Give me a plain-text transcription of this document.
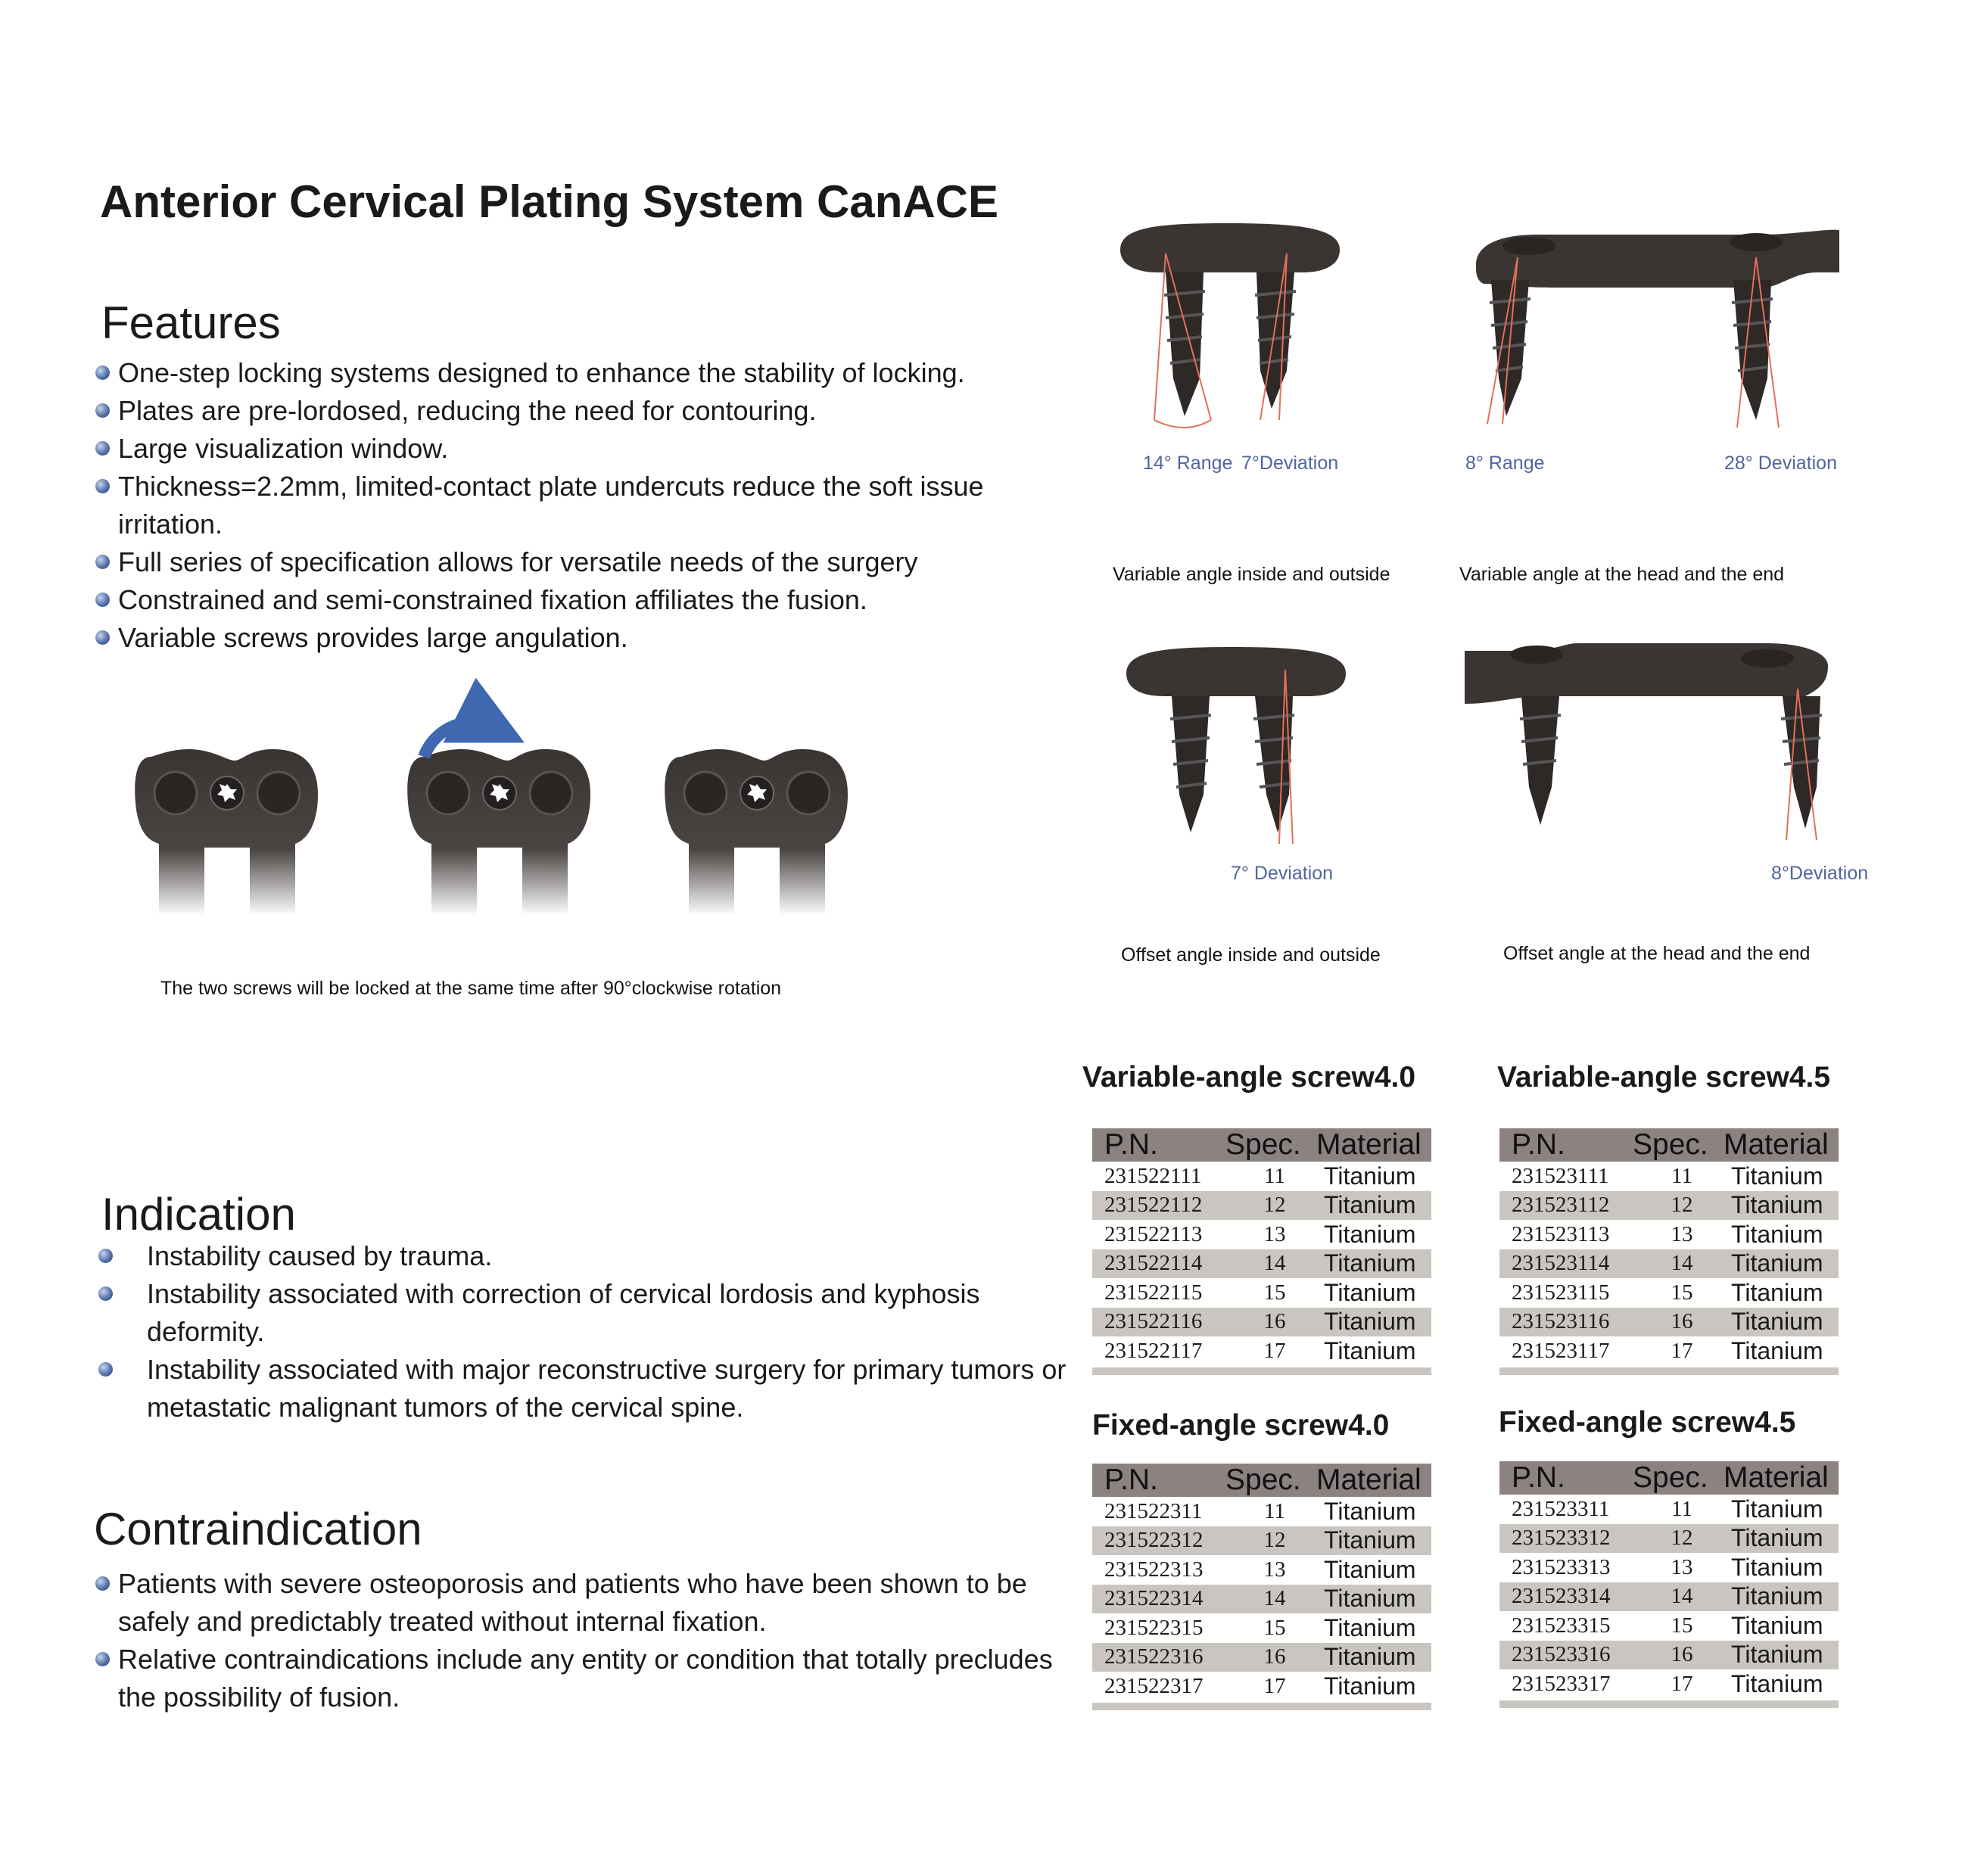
Anterior Cervical Plating System CanACE
Features
One-step locking systems designed to enhance the stability of locking.
Plates are pre-lordosed, reducing the need for contouring.
Large visualization window.
Thickness=2.2mm, limited-contact plate undercuts reduce the soft issue irritation.
Full series of specification allows for versatile needs of the surgery
Constrained and semi-constrained fixation affiliates the fusion.
Variable screws provides large angulation.
The two screws will be locked at the same time after 90°clockwise rotation
14° Range 7°Deviation
Variable angle inside and outside
8° Range	28° Deviation
Variable angle at the head and the end
7° Deviation
Offset angle inside and outside
8°Deviation
Offset angle at the head and the end
Variable-angle screw4.0
P.N.	Spec. Material
231522111	11	Titanium
231522112	12	Titanium
231522113	13	Titanium
231522114	14	Titanium
231522115	15	Titanium
231522116	16	Titanium
231522117	17	Titanium
Variable-angle screw4.5
P.N.	Spec. Material
231523111	11	Titanium
231523112	12	Titanium
231523113	13	Titanium
231523114	14	Titanium
231523115	15	Titanium
231523116	16	Titanium
231523117	17	Titanium
Fixed-angle screw4.0
P.N.	Spec. Material
231522311	11	Titanium
231522312	12	Titanium
231522313	13	Titanium
231522314	14	Titanium
231522315	15	Titanium
231522316	16	Titanium
231522317	17	Titanium
Fixed-angle screw4.5
P.N.	Spec. Material
231523311	11	Titanium
231523312	12	Titanium
231523313	13	Titanium
231523314	14	Titanium
231523315	15	Titanium
231523316	16	Titanium
231523317	17	Titanium
Indication
Instability caused by trauma.
Instability associated with correction of cervical lordosis and kyphosis deformity.
Instability associated with major reconstructive surgery for primary tumors or metastatic malignant tumors of the cervical spine.
Contraindication
Patients with severe osteoporosis and patients who have been shown to be safely and predictably treated without internal fixation.
Relative contraindications include any entity or condition that totally precludes the possibility of fusion.
